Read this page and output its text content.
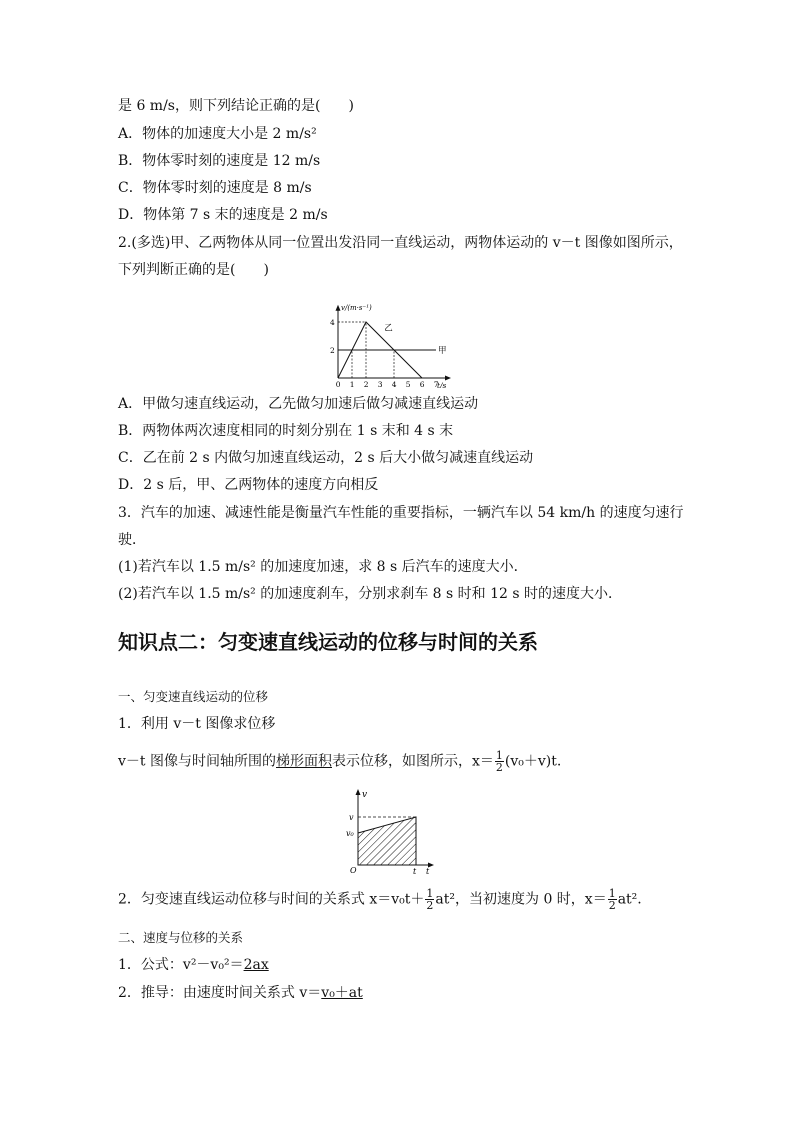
是 6 m/s，则下列结论正确的是(　　)
A．物体的加速度大小是 2 m/s²
B．物体零时刻的速度是 12 m/s
C．物体零时刻的速度是 8 m/s
D．物体第 7 s 末的速度是 2 m/s
2.(多选)甲、乙两物体从同一位置出发沿同一直线运动，两物体运动的 v－t 图像如图所示，
下列判断正确的是(　　)
v/(m·s⁻¹)
t/s
0 1 2 3 4 5 6 7
2
4
甲
乙
A．甲做匀速直线运动，乙先做匀加速后做匀减速直线运动
B．两物体两次速度相同的时刻分别在 1 s 末和 4 s 末
C．乙在前 2 s 内做匀加速直线运动，2 s 后大小做匀减速直线运动
D．2 s 后，甲、乙两物体的速度方向相反
3．汽车的加速、减速性能是衡量汽车性能的重要指标，一辆汽车以 54 km/h 的速度匀速行
驶．
(1)若汽车以 1.5 m/s² 的加速度加速，求 8 s 后汽车的速度大小．
(2)若汽车以 1.5 m/s² 的加速度刹车，分别求刹车 8 s 时和 12 s 时的速度大小．
知识点二：匀变速直线运动的位移与时间的关系
一、匀变速直线运动的位移
1．利用 v－t 图像求位移
v－t 图像与时间轴所围的梯形面积表示位移，如图所示，$x= \frac{1}{2} (v_0+v)t$.
v
v
v₀
O	t t
2．匀变速直线运动位移与时间的关系式 $x=v_0t+ \frac{1}{2} at^2$，当初速度为 0 时，$x= \frac{1}{2} at^2$.
二、速度与位移的关系
1．公式：v²－v₀²＝2ax
2．推导：由速度时间关系式 v＝v₀＋at
